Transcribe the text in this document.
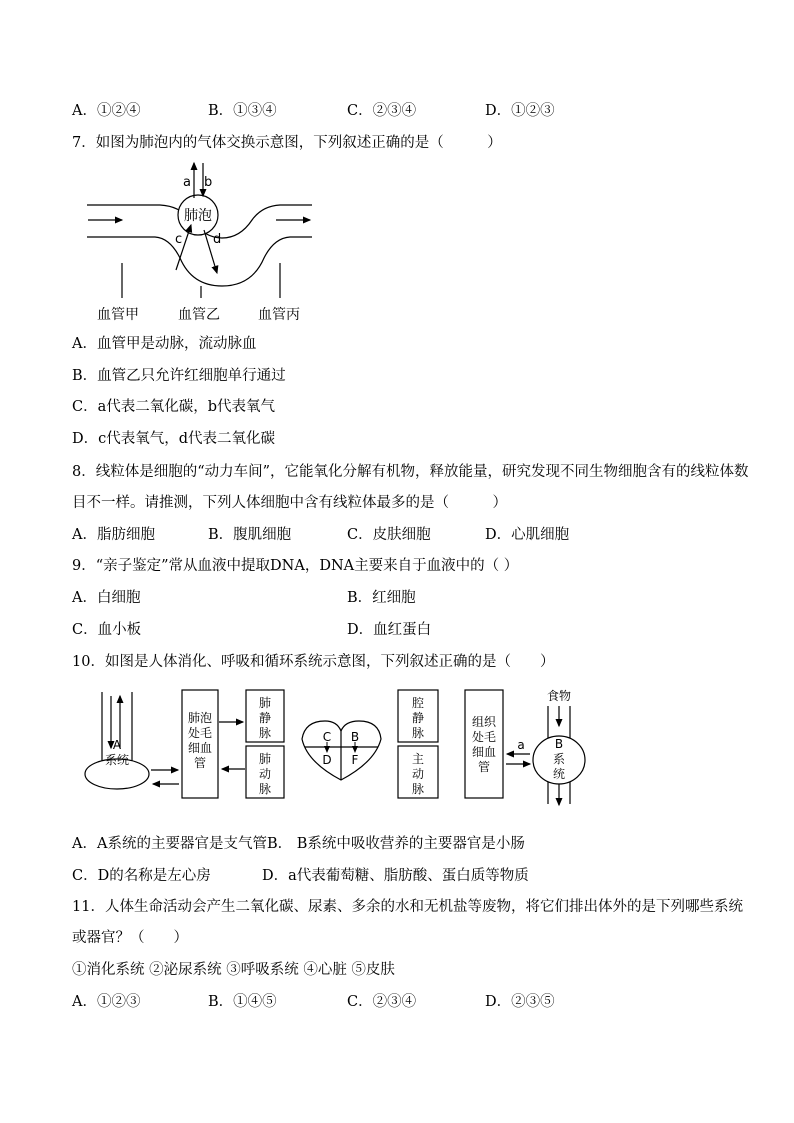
A．①②④	B．①③④	C．②③④	D．①②③
7．如图为肺泡内的气体交换示意图，下列叙述正确的是（　　　）
肺泡
a b
c d
血管甲	血管乙	血管丙
A．血管甲是动脉，流动脉血
B．血管乙只允许红细胞单行通过
C．a代表二氧化碳，b代表氧气
D．c代表氧气，d代表二氧化碳
8．线粒体是细胞的“动力车间”，它能氧化分解有机物，释放能量，研究发现不同生物细胞含有的线粒体数
目不一样。请推测，下列人体细胞中含有线粒体最多的是（　　　）
A．脂肪细胞	B．腹肌细胞	C．皮肤细胞	D．心肌细胞
9．“亲子鉴定”常从血液中提取DNA，DNA主要来自于血液中的（ ）
A．白细胞	B．红细胞
C．血小板	D．血红蛋白
10．如图是人体消化、呼吸和循环系统示意图，下列叙述正确的是（　　）
A
系统
肺泡
处毛
细血
管
肺
静
脉
肺
动
脉
C B
D F
腔
静
脉
主
动
脉
组织
处毛
细血
管
a
食物
B
系
统
A．A系统的主要器官是支气管B． B系统中吸收营养的主要器官是小肠
C．D的名称是左心房	D．a代表葡萄糖、脂肪酸、蛋白质等物质
11．人体生命活动会产生二氧化碳、尿素、多余的水和无机盐等废物，将它们排出体外的是下列哪些系统
或器官？（　　）
①消化系统 ②泌尿系统 ③呼吸系统 ④心脏 ⑤皮肤
A．①②③	B．①④⑤	C．②③④	D．②③⑤
